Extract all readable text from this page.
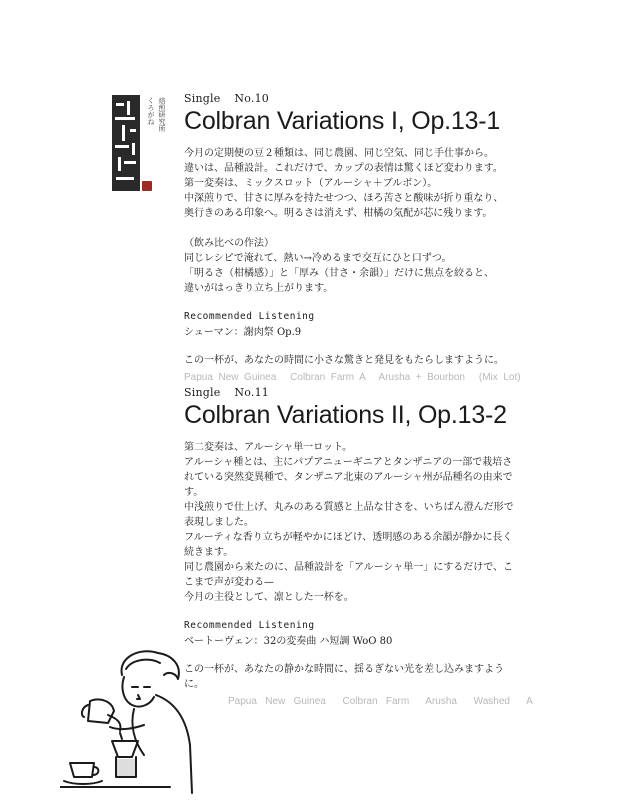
くろがね 焙煎研究所 Single No.10

Colbran Variations I, Op.13-1

今月の定期便の豆２種類は、同じ農園、同じ空気、同じ手仕事から。

違いは、品種設計。これだけで、カップの表情は驚くほど変わります。

第一変奏は、ミックスロット（アルーシャ＋ブルボン）。

中深煎りで、甘さに厚みを持たせつつ、ほろ苦さと酸味が折り重なり、

奥行きのある印象へ。明るさは消えず、柑橘の気配が芯に残ります。

（飲み比べの作法）

同じレシピで淹れて、熱い→冷めるまで交互にひと口ずつ。

「明るさ（柑橘感）」と「厚み（甘さ・余韻）」だけに焦点を絞ると、

違いがはっきり立ち上がります。

Recommended Listening

シューマン：謝肉祭 Op.9

この一杯が、あなたの時間に小さな驚きと発見をもたらしますように。

Papua  New  Guinea     Colbran  Farm  A     Arusha  +  Bourbon     (Mix  Lot)

Single No.11

Colbran Variations II, Op.13-2

第二変奏は、アルーシャ単一ロット。

アルーシャ種とは、主にパプアニューギニアとタンザニアの一部で栽培さ

れている突然変異種で、タンザニア北東のアルーシャ州が品種名の由来で

す。

中浅煎りで仕上げ、丸みのある質感と上品な甘さを、いちばん澄んだ形で

表現しました。

フルーティな香り立ちが軽やかにほどけ、透明感のある余韻が静かに長く

続きます。

同じ農園から来たのに、品種設計を「アルーシャ単一」にするだけで、こ

こまで声が変わる—

今月の主役として、凛とした一杯を。

Recommended Listening

ベートーヴェン：32の変奏曲 ハ短調 WoO 80

この一杯が、あなたの静かな時間に、揺るぎない光を差し込みますよう

に。

Papua   New   Guinea      Colbran   Farm      Arusha      Washed      A
